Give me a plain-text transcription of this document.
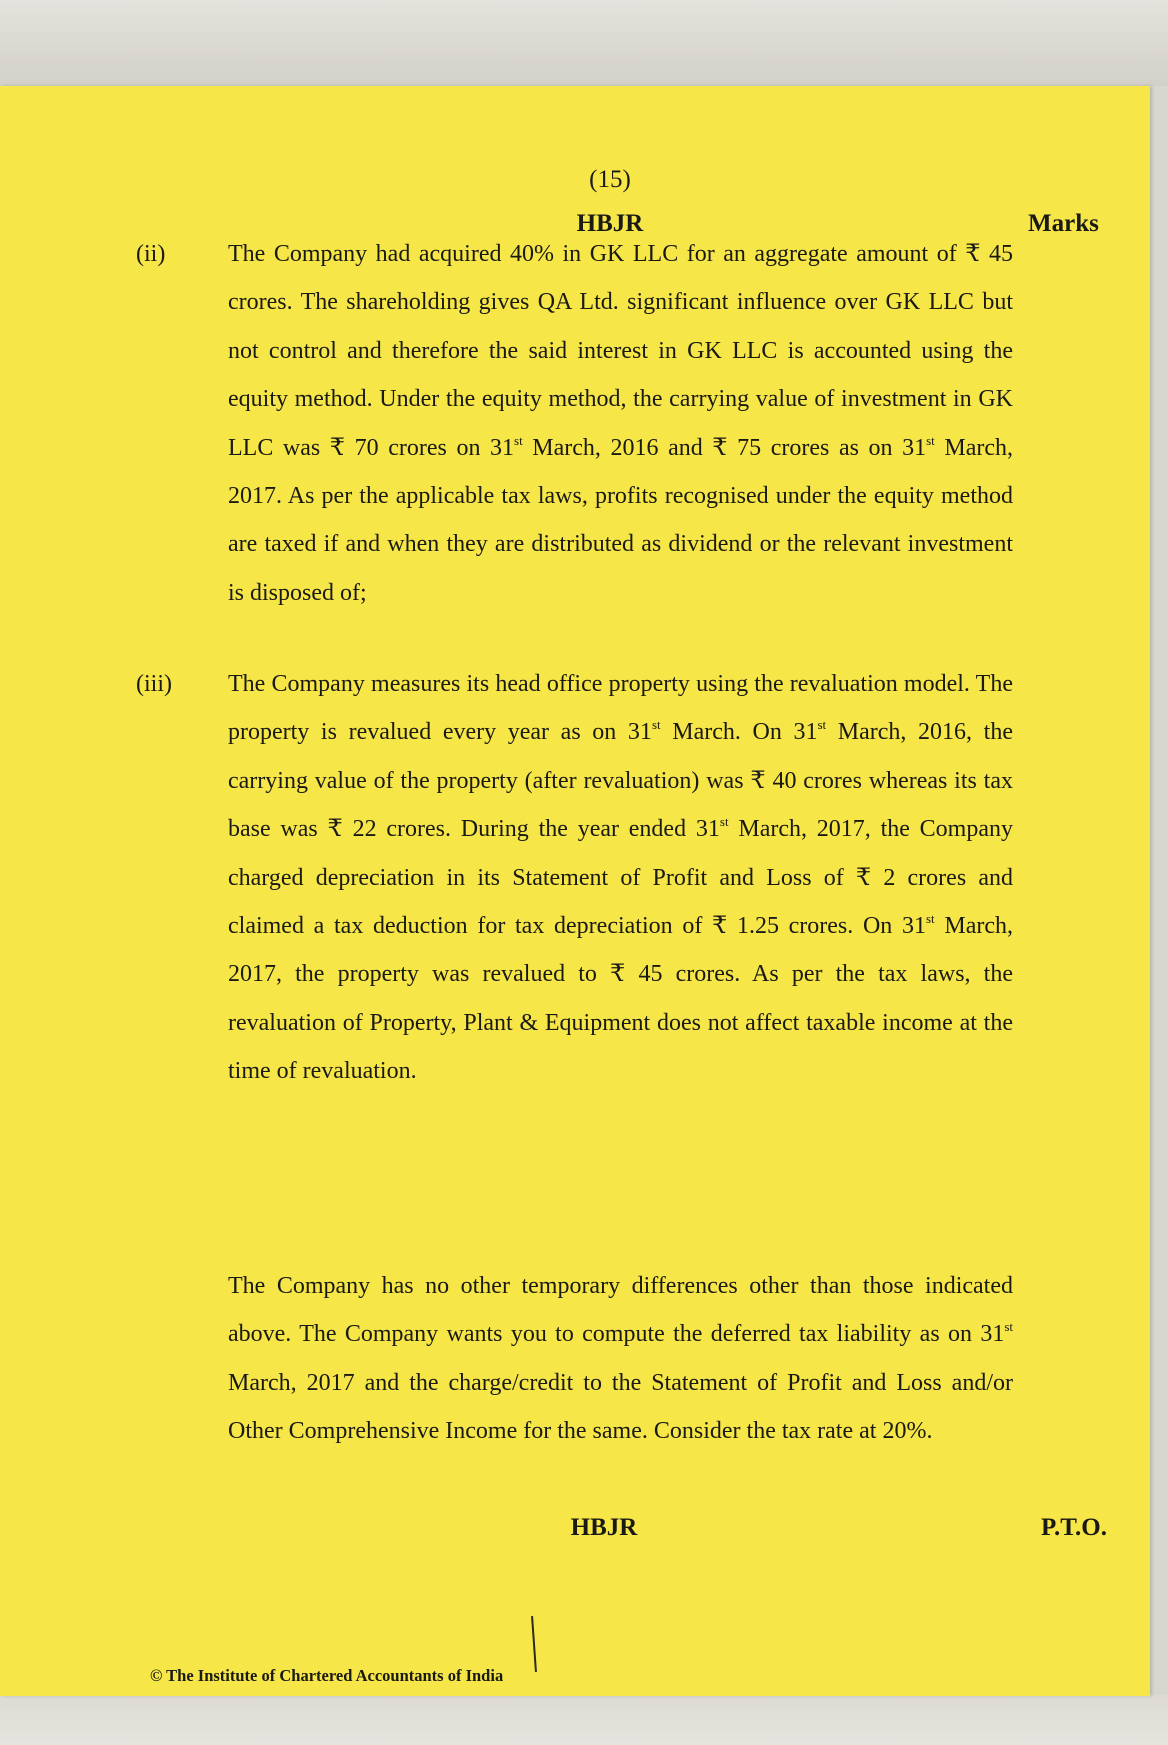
(15)
HBJR	Marks
(ii)	The Company had acquired 40% in GK LLC for an aggregate amount of ₹ 45 crores. The shareholding gives QA Ltd. significant influence over GK LLC but not control and therefore the said interest in GK LLC is accounted using the equity method. Under the equity method, the carrying value of investment in GK LLC was ₹ 70 crores on 31st March, 2016 and ₹ 75 crores as on 31st March, 2017. As per the applicable tax laws, profits recognised under the equity method are taxed if and when they are distributed as dividend or the relevant investment is disposed of;

(iii)	The Company measures its head office property using the revaluation model. The property is revalued every year as on 31st March. On 31st March, 2016, the carrying value of the property (after revaluation) was ₹ 40 crores whereas its tax base was ₹ 22 crores. During the year ended 31st March, 2017, the Company charged depreciation in its Statement of Profit and Loss of ₹ 2 crores and claimed a tax deduction for tax depreciation of ₹ 1.25 crores. On 31st March, 2017, the property was revalued to ₹ 45 crores. As per the tax laws, the revaluation of Property, Plant & Equipment does not affect taxable income at the time of revaluation.

The Company has no other temporary differences other than those indicated above. The Company wants you to compute the deferred tax liability as on 31st March, 2017 and the charge/credit to the Statement of Profit and Loss and/or Other Comprehensive Income for the same. Consider the tax rate at 20%.

HBJR	P.T.O.
© The Institute of Chartered Accountants of India
